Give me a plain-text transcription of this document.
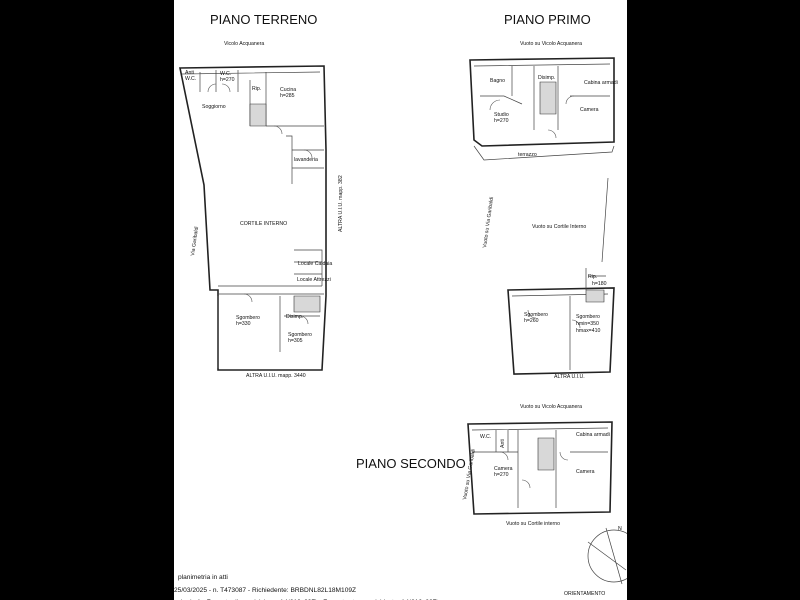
PIANO TERRENO
Vicolo Acquanera
Anti
W.C.
W.C.
h=270
Soggiorno
Rip.	Cucina
h=285
lavanderia
CORTILE INTERNO
Locale Caldaia
Locale Attrezzi
Sgombero
h=330
Disimp.
Sgombero
h=305
Via Garibaldi
ALTRA U.I.U. mapp. 382
ALTRA U.I.U. mapp. 3440
PIANO PRIMO
Vuoto su Vicolo Acquanera
Bagno	Disimp.
Cabina armadi
Studio
h=270
Camera
terrazzo
Vuoto su Via Garibaldi	Vuoto su Cortile Interno
Rip.
h=180
Sgombero
h=260
Sgombero
hmin=350
hmax=410
ALTRA U.I.U.
Vuoto su Vicolo Acquanera
PIANO SECONDO
W.C.
Anti
Cabina armadi
Camera
h=270	Camera
Vuoto su Via Garibaldi
Vuoto su Cortile interno
N
ORIENTAMENTO
planimetria in atti
25/03/2025 - n. T473087 - Richiedente: BRBDNL82L18M109Z
